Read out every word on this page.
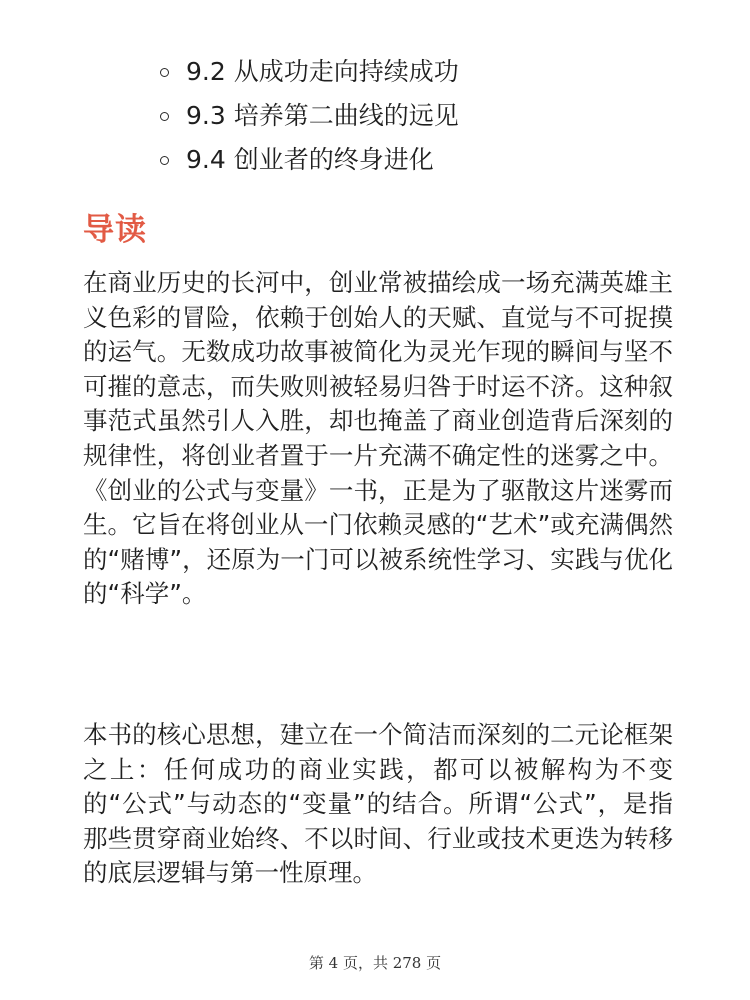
9.2 从成功走向持续成功
9.3 培养第二曲线的远见
9.4 创业者的终身进化
导读

在商业历史的长河中，创业常被描绘成一场充满英雄主义色彩的冒险，依赖于创始人的天赋、直觉与不可捉摸的运气。无数成功故事被简化为灵光乍现的瞬间与坚不可摧的意志，而失败则被轻易归咎于时运不济。这种叙事范式虽然引人入胜，却也掩盖了商业创造背后深刻的规律性，将创业者置于一片充满不确定性的迷雾之中。《创业的公式与变量》一书，正是为了驱散这片迷雾而生。它旨在将创业从一门依赖灵感的“艺术”或充满偶然的“赌博”，还原为一门可以被系统性学习、实践与优化的“科学”。

本书的核心思想，建立在一个简洁而深刻的二元论框架之上：任何成功的商业实践，都可以被解构为不变的“公式”与动态的“变量”的结合。所谓“公式”，是指那些贯穿商业始终、不以时间、行业或技术更迭为转移的底层逻辑与第一性原理。

第 4 页，共 278 页
